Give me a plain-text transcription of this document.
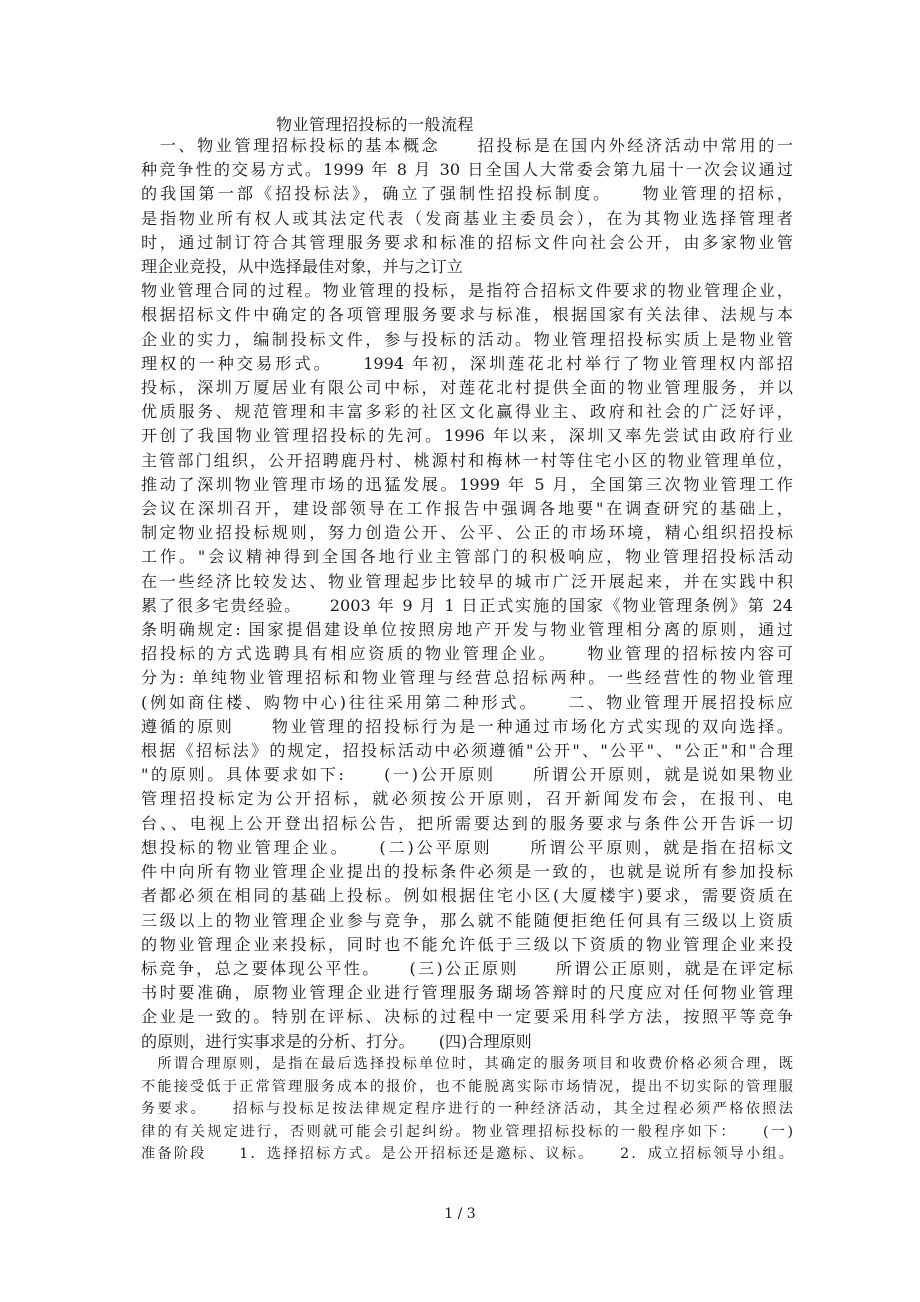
物业管理招投标的一般流程
　一、物业管理招标投标的基本概念　　招投标是在国内外经济活动中常用的一
种竞争性的交易方式。1999 年 8 月 30 日全国人大常委会第九届十一次会议通过
的我国第一部《招投标法》，确立了强制性招投标制度。　　物业管理的招标，
是指物业所有权人或其法定代表（发商基业主委员会），在为其物业选择管理者
时，通过制订符合其管理服务要求和标准的招标文件向社会公开，由多家物业管
理企业竞投，从中选择最佳对象，并与之订立
物业管理合同的过程。物业管理的投标，是指符合招标文件要求的物业管理企业，
根据招标文件中确定的各项管理服务要求与标准，根据国家有关法律、法规与本
企业的实力，编制投标文件，参与投标的活动。物业管理招投标实质上是物业管
理权的一种交易形式。　　1994 年初，深圳莲花北村举行了物业管理权内部招
投标，深圳万厦居业有限公司中标，对莲花北村提供全面的物业管理服务，并以
优质服务、规范管理和丰富多彩的社区文化赢得业主、政府和社会的广泛好评，
开创了我国物业管理招投标的先河。1996 年以来，深圳又率先尝试由政府行业
主管部门组织，公开招聘鹿丹村、桃源村和梅林一村等住宅小区的物业管理单位，
推动了深圳物业管理市场的迅猛发展。1999 年 5 月，全国第三次物业管理工作
会议在深圳召开，建设部领导在工作报告中强调各地要"在调查研究的基础上，
制定物业招投标规则，努力创造公开、公平、公正的市场环境，精心组织招投标
工作。"会议精神得到全国各地行业主管部门的积极响应，物业管理招投标活动
在一些经济比较发达、物业管理起步比较早的城市广泛开展起来，并在实践中积
累了很多宅贵经验。　　2003 年 9 月 1 日正式实施的国家《物业管理条例》第 24
条明确规定: 国家提倡建设单位按照房地产开发与物业管理相分离的原则，通过
招投标的方式选聘具有相应资质的物业管理企业。　　物业管理的招标按内容可
分为: 单纯物业管理招标和物业管理与经营总招标两种。一些经营性的物业管理
(例如商住楼、购物中心)往往采用第二种形式。　　二、物业管理开展招投标应
遵循的原则　　物业管理的招投标行为是一种通过市场化方式实现的双向选择。
根据《招标法》的规定，招投标活动中必须遵循"公开"、"公平"、"公正"和"合理
"的原则。具体要求如下:　　(一)公开原则　　所谓公开原则，就是说如果物业
管理招投标定为公开招标，就必须按公开原则，召开新闻发布会，在报刊、电
台、、电视上公开登出招标公告，把所需要达到的服务要求与条件公开告诉一切
想投标的物业管理企业。　　(二)公平原则　　所谓公平原则，就是指在招标文
件中向所有物业管理企业提出的投标条件必须是一致的，也就是说所有参加投标
者都必须在相同的基础上投标。例如根据住宅小区(大厦楼宇)要求，需要资质在
三级以上的物业管理企业参与竞争，那么就不能随便拒绝任何具有三级以上资质
的物业管理企业来投标，同时也不能允许低于三级以下资质的物业管理企业来投
标竞争，总之要体现公平性。　　(三)公正原则　　所谓公正原则，就是在评定标
书时要准确，原物业管理企业进行管理服务瑚场答辩时的尺度应对任何物业管理
企业是一致的。特别在评标、决标的过程中一定要采用科学方法，按照平等竞争
的原则，进行实事求是的分析、打分。　　(四)合理原则
　所谓合理原则，是指在最后选择投标单位时，其确定的服务项目和收费价格必须合理，既
不能接受低于正常管理服务成本的报价，也不能脱离实际市场情况，提出不切实际的管理服
务要求。　　招标与投标足按法律规定程序进行的一种经济活动，其全过程必须严格依照法
律的有关规定进行，否则就可能会引起纠纷。物业管理招标投标的一般程序如下：　　(一)
准备阶段　　1．选择招标方式。是公开招标还是邀标、议标。　　2．成立招标领导小组。
1 / 3
